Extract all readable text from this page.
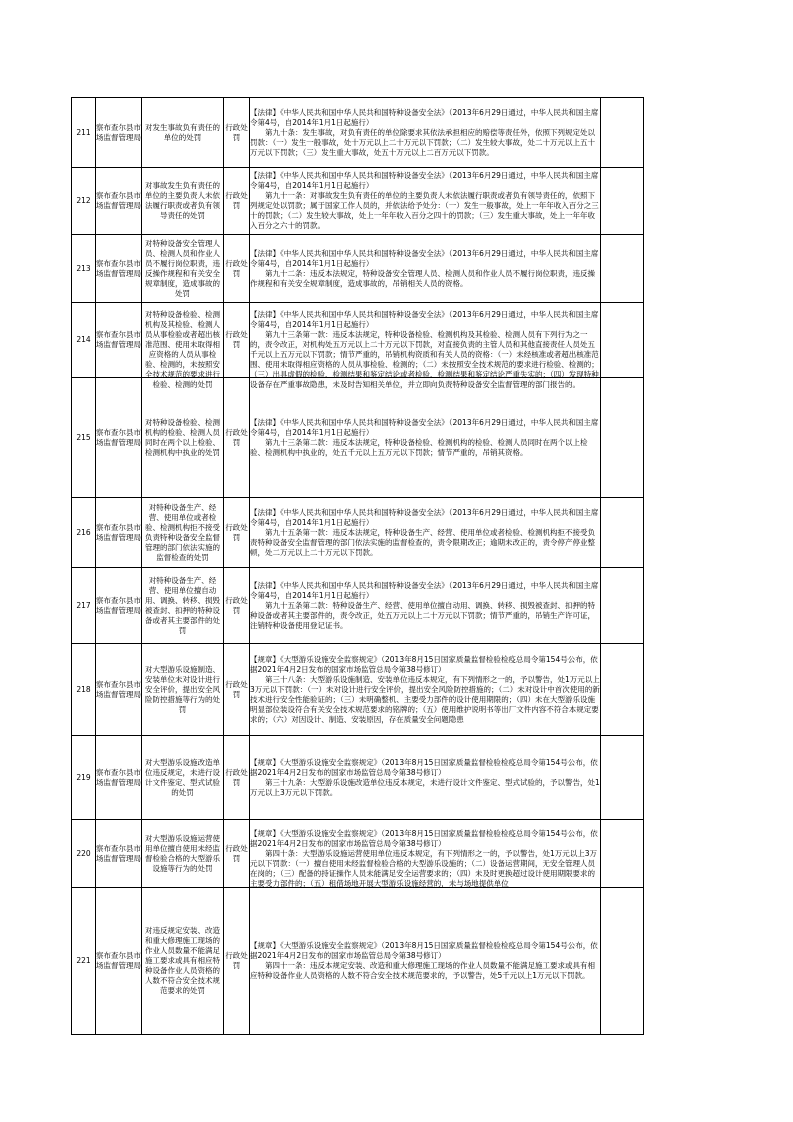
211	察布查尔县市场监督管理局	对发生事故负有责任的单位的处罚	行政处罚	【法律】《中华人民共和国中华人民共和国特种设备安全法》（2013年6月29日通过，中华人民共和国主席令第4号，自2014年1月1日起施行）
　　第九十条：发生事故，对负有责任的单位除要求其依法承担相应的赔偿等责任外，依照下列规定处以罚款：（一）发生一般事故，处十万元以上二十万元以下罚款；（二）发生较大事故，处二十万元以上五十万元以下罚款；（三）发生重大事故，处五十万元以上二百万元以下罚款。	

212	察布查尔县市场监督管理局	对事故发生负有责任的单位的主要负责人未依法履行职责或者负有领导责任的处罚	行政处罚	【法律】《中华人民共和国中华人民共和国特种设备安全法》（2013年6月29日通过，中华人民共和国主席令第4号，自2014年1月1日起施行）
　　第九十一条：对事故发生负有责任的单位的主要负责人未依法履行职责或者负有领导责任的，依照下列规定处以罚款；属于国家工作人员的，并依法给予处分：（一）发生一般事故，处上一年年收入百分之三十的罚款；（二）发生较大事故，处上一年年收入百分之四十的罚款；（三）发生重大事故，处上一年年收入百分之六十的罚款。	

213	察布查尔县市场监督管理局	对特种设备安全管理人员、检测人员和作业人员不履行岗位职责，违反操作规程和有关安全规章制度，造成事故的处罚	行政处罚	【法律】《中华人民共和国中华人民共和国特种设备安全法》（2013年6月29日通过，中华人民共和国主席令第4号，自2014年1月1日起施行）
　　第九十二条：违反本法规定，特种设备安全管理人员、检测人员和作业人员不履行岗位职责，违反操作规程和有关安全规章制度，造成事故的，吊销相关人员的资格。	

214	察布查尔县市场监督管理局	对特种设备检验、检测机构及其检验、检测人员从事检验或者超出核准范围、使用未取得相应资格的人员从事检验、检测的，未按照安全技术规范的要求进行检验、检测的处罚	行政处罚	【法律】《中华人民共和国中华人民共和国特种设备安全法》（2013年6月29日通过，中华人民共和国主席令第4号，自2014年1月1日起施行）
　　第九十三条第一款：违反本法规定，特种设备检验、检测机构及其检验、检测人员有下列行为之一的，责令改正，对机构处五万元以上二十万元以下罚款，对直接负责的主管人员和其他直接责任人员处五千元以上五万元以下罚款；情节严重的，吊销机构资质和有关人员的资格：（一）未经核准或者超出核准范围、使用未取得相应资格的人员从事检验、检测的；（二）未按照安全技术规范的要求进行检验、检测的；（三）出具虚假的检验、检测结果和鉴定结论或者检验、检测结果和鉴定结论严重失实的；（四）发现特种设备存在严重事故隐患，未及时告知相关单位，并立即向负责特种设备安全监督管理的部门报告的。	

215	察布查尔县市场监督管理局	对特种设备检验、检测机构的检验、检测人员同时在两个以上检验、检测机构中执业的处罚	行政处罚	【法律】《中华人民共和国中华人民共和国特种设备安全法》（2013年6月29日通过，中华人民共和国主席令第4号，自2014年1月1日起施行）
　　第九十三条第二款：违反本法规定，特种设备检验、检测机构的检验、检测人员同时在两个以上检验、检测机构中执业的，处五千元以上五万元以下罚款；情节严重的，吊销其资格。	

216	察布查尔县市场监督管理局	对特种设备生产、经营、使用单位或者检验、检测机构拒不接受负责特种设备安全监督管理的部门依法实施的监督检查的处罚	行政处罚	【法律】《中华人民共和国中华人民共和国特种设备安全法》（2013年6月29日通过，中华人民共和国主席令第4号，自2014年1月1日起施行）
　　第九十五条第一款：违反本法规定，特种设备生产、经营、使用单位或者检验、检测机构拒不接受负责特种设备安全监督管理的部门依法实施的监督检查的，责令限期改正；逾期未改正的，责令停产停业整顿，处二万元以上二十万元以下罚款。	

217	察布查尔县市场监督管理局	对特种设备生产、经营、使用单位擅自动用、调换、转移、损毁被查封、扣押的特种设备或者其主要部件的处罚	行政处罚	【法律】《中华人民共和国中华人民共和国特种设备安全法》（2013年6月29日通过，中华人民共和国主席令第4号，自2014年1月1日起施行）
　　第九十五条第二款：特种设备生产、经营、使用单位擅自动用、调换、转移、损毁被查封、扣押的特种设备或者其主要部件的，责令改正，处五万元以上二十万元以下罚款；情节严重的，吊销生产许可证，注销特种设备使用登记证书。	

218	察布查尔县市场监督管理局	对大型游乐设施制造、安装单位未对设计进行安全评价，提出安全风险防控措施等行为的处罚	行政处罚	【规章】《大型游乐设施安全监察规定》（2013年8月15日国家质量监督检验检疫总局令第154号公布，依据2021年4月2日发布的国家市场监管总局令第38号修订）
　　第三十八条：大型游乐设施制造、安装单位违反本规定，有下列情形之一的，予以警告，处1万元以上3万元以下罚款：（一）未对设计进行安全评价，提出安全风险防控措施的；（二）未对设计中首次使用的新技术进行安全性能验证的；（三）未明确整机、主要受力部件的设计使用期限的；（四）未在大型游乐设施明显部位装设符合有关安全技术规范要求的铭牌的；（五）使用维护说明书等出厂文件内容不符合本规定要求的；（六）对因设计、制造、安装原因，存在质量安全问题隐患	

219	察布查尔县市场监督管理局	对大型游乐设施改造单位违反规定，未进行设计文件鉴定、型式试验的处罚	行政处罚	【规章】《大型游乐设施安全监察规定》（2013年8月15日国家质量监督检验检疫总局令第154号公布，依据2021年4月2日发布的国家市场监管总局令第38号修订）
　　第三十九条：大型游乐设施改造单位违反本规定，未进行设计文件鉴定、型式试验的，予以警告，处1万元以上3万元以下罚款。	

220	察布查尔县市场监督管理局	对大型游乐设施运营使用单位擅自使用未经监督检验合格的大型游乐设施等行为的处罚	行政处罚	【规章】《大型游乐设施安全监察规定》（2013年8月15日国家质量监督检验检疫总局令第154号公布，依据2021年4月2日发布的国家市场监管总局令第38号修订）
　　第四十条：大型游乐设施运营使用单位违反本规定，有下列情形之一的，予以警告，处1万元以上3万元以下罚款：（一）擅自使用未经监督检验合格的大型游乐设施的；（二）设备运营期间，无安全管理人员在岗的；（三）配备的持证操作人员未能满足安全运营要求的；（四）未及时更换超过设计使用期限要求的主要受力部件的；（五）租借场地开展大型游乐设施经营的，未与场地提供单位	

221	察布查尔县市场监督管理局	对违反规定安装、改造和重大修理施工现场的作业人员数量不能满足施工要求或具有相应特种设备作业人员资格的人数不符合安全技术规范要求的处罚	行政处罚	【规章】《大型游乐设施安全监察规定》（2013年8月15日国家质量监督检验检疫总局令第154号公布，依据2021年4月2日发布的国家市场监管总局令第38号修订）
　　第四十一条：违反本规定安装、改造和重大修理施工现场的作业人员数量不能满足施工要求或具有相应特种设备作业人员资格的人数不符合安全技术规范要求的，予以警告，处5千元以上1万元以下罚款。	
